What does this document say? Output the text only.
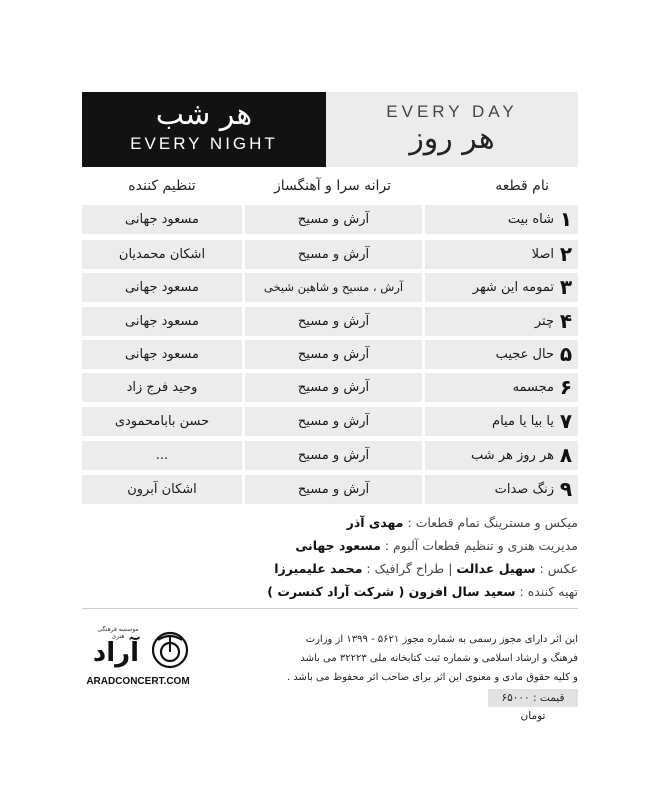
هر شب
EVERY NIGHT
EVERY DAY
هر روز
نام قطعه
ترانه سرا و آهنگساز
تنظیم کننده
۱
شاه بیت
آرش و مسیح
مسعود جهانی
۲
اصلا
آرش و مسیح
اشکان محمدیان
۳
تمومه این شهر
آرش ، مسیح و شاهین شیخی
مسعود جهانی
۴
چتر
آرش و مسیح
مسعود جهانی
۵
حال عجیب
آرش و مسیح
مسعود جهانی
۶
مجسمه
آرش و مسیح
وحید فرج زاد
۷
یا بیا یا میام
آرش و مسیح
حسن بابامحمودی
۸
هر روز هر شب
آرش و مسیح
...
۹
زنگ صدات
آرش و مسیح
اشکان آبرون
میکس و مسترینگ تمام قطعات : مهدی آذر
مدیریت هنری و تنظیم قطعات آلبوم : مسعود جهانی
عکس : سهیل عدالت | طراح گرافیک : محمد علیمیرزا
تهیه کننده : سعید سال افزون ( شرکت آراد کنسرت )
این اثر دارای مجوز رسمی به شماره مجوز ۵۶۲۱ - ۱۳۹۹ از وزارت
فرهنگ و ارشاد اسلامی و شماره ثبت کتابخانه ملی ۳۲۲۲۳ می باشد
و کلیه حقوق مادی و معنوی این اثر برای صاحب اثر محفوظ می باشد .
قیمت : ۶۵۰۰۰ تومان
موسسه فرهنگی هنری
آراد
ARADCONCERT.COM
